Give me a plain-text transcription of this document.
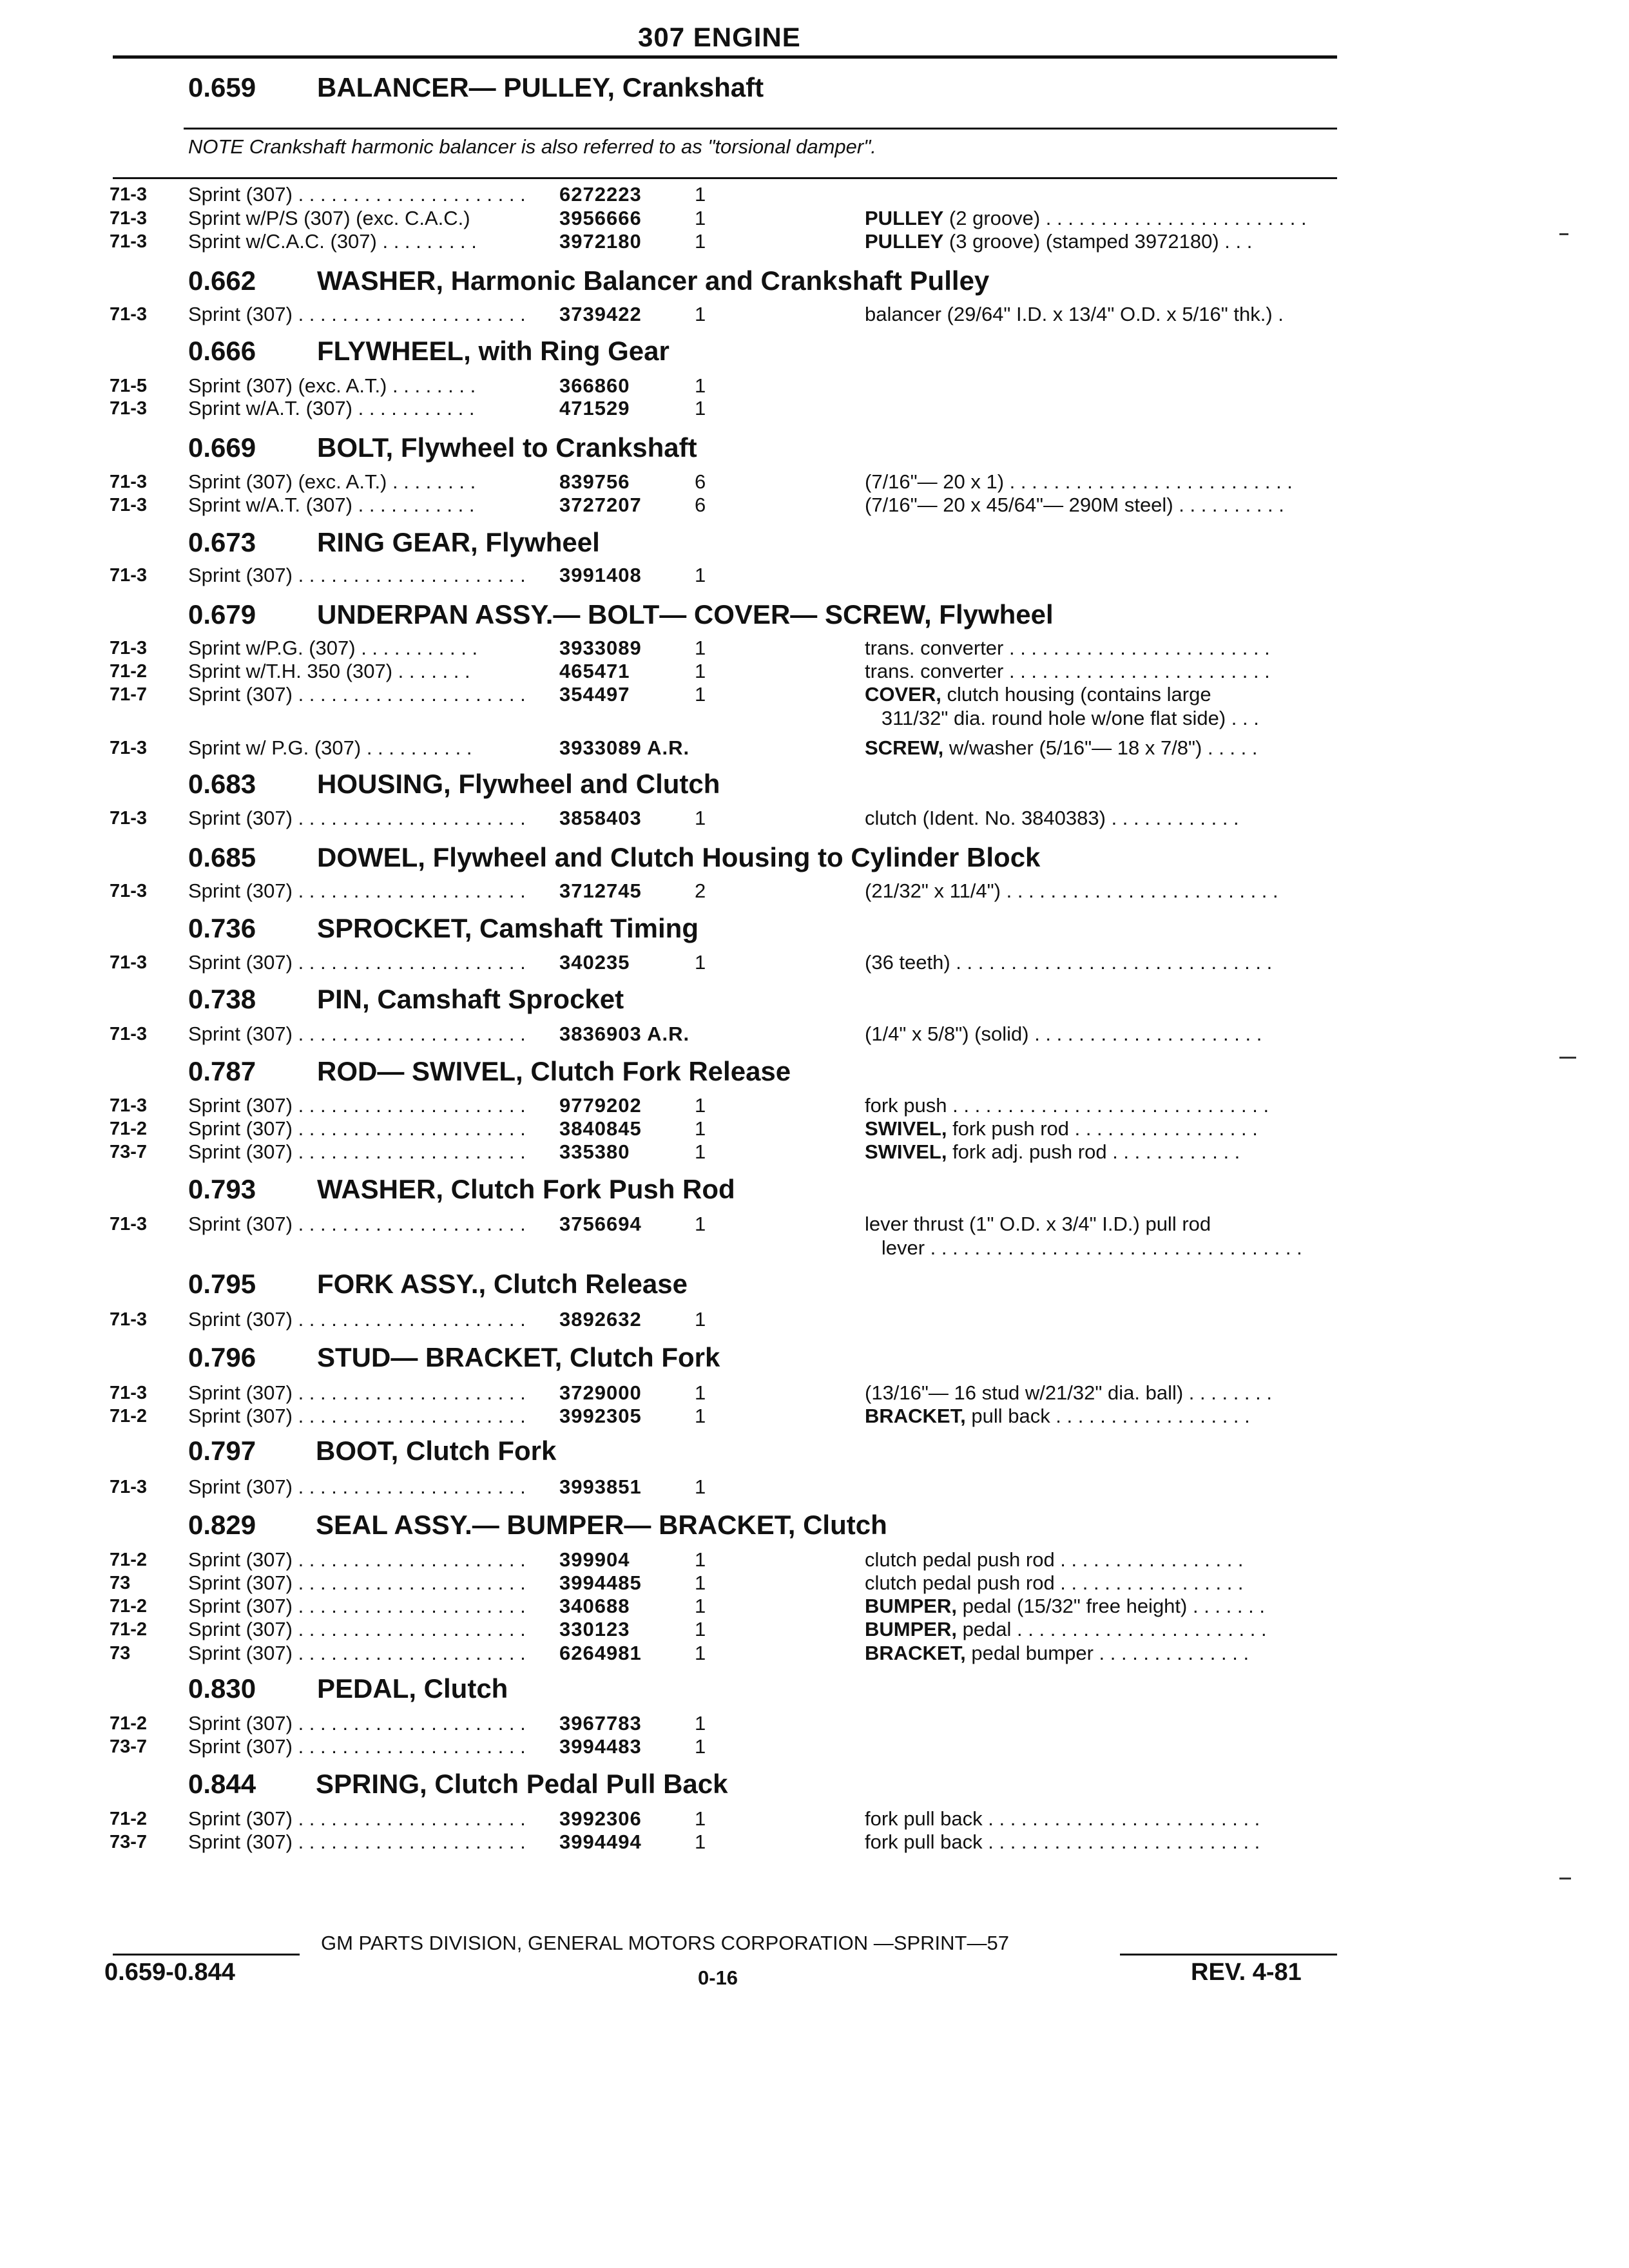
307 ENGINE
0.659 BALANCER— PULLEY, Crankshaft
NOTE Crankshaft harmonic balancer is also referred to as "torsional damper".
71-3 Sprint (307) . . . . . . . . . . . . . . . . . . . . .	6272223	1
71-3 Sprint w/P/S (307) (exc. C.A.C.)	3956666	1	PULLEY (2 groove) . . . . . . . . . . . . . . . . . . . . . . . .
71-3 Sprint w/C.A.C. (307) . . . . . . . . .	3972180	1	PULLEY (3 groove) (stamped 3972180) . . .
0.662 WASHER, Harmonic Balancer and Crankshaft Pulley
71-3 Sprint (307) . . . . . . . . . . . . . . . . . . . . .	3739422	1	balancer (29/64" I.D. x 13/4" O.D. x 5/16" thk.) .
0.666 FLYWHEEL, with Ring Gear
71-5 Sprint (307) (exc. A.T.) . . . . . . . .	366860	1
71-3 Sprint w/A.T. (307) . . . . . . . . . . .	471529	1
0.669 BOLT, Flywheel to Crankshaft
71-3 Sprint (307) (exc. A.T.) . . . . . . . .	839756	6	(7/16"— 20 x 1) . . . . . . . . . . . . . . . . . . . . . . . . . .
71-3 Sprint w/A.T. (307) . . . . . . . . . . .	3727207	6	(7/16"— 20 x 45/64"— 290M steel) . . . . . . . . . .
0.673 RING GEAR, Flywheel
71-3 Sprint (307) . . . . . . . . . . . . . . . . . . . . .	3991408	1
0.679 UNDERPAN ASSY.— BOLT— COVER— SCREW, Flywheel
71-3 Sprint w/P.G. (307) . . . . . . . . . . .	3933089	1	trans. converter . . . . . . . . . . . . . . . . . . . . . . . .
71-2 Sprint w/T.H. 350 (307) . . . . . . .	465471	1	trans. converter . . . . . . . . . . . . . . . . . . . . . . . .
71-7 Sprint (307) . . . . . . . . . . . . . . . . . . . . .	354497	1	COVER, clutch housing (contains large
311/32" dia. round hole w/one flat side) . . .
71-3 Sprint w/ P.G. (307) . . . . . . . . . .	3933089 A.R.	SCREW, w/washer (5/16"— 18 x 7/8") . . . . .
0.683 HOUSING, Flywheel and Clutch
71-3 Sprint (307) . . . . . . . . . . . . . . . . . . . . .	3858403	1	clutch (Ident. No. 3840383) . . . . . . . . . . . .
0.685 DOWEL, Flywheel and Clutch Housing to Cylinder Block
71-3 Sprint (307) . . . . . . . . . . . . . . . . . . . . .	3712745	2	(21/32" x 11/4") . . . . . . . . . . . . . . . . . . . . . . . . .
0.736 SPROCKET, Camshaft Timing
71-3 Sprint (307) . . . . . . . . . . . . . . . . . . . . .	340235	1	(36 teeth) . . . . . . . . . . . . . . . . . . . . . . . . . . . . .
0.738 PIN, Camshaft Sprocket
71-3 Sprint (307) . . . . . . . . . . . . . . . . . . . . .	3836903 A.R.	(1/4" x 5/8") (solid) . . . . . . . . . . . . . . . . . . . . .
0.787 ROD— SWIVEL, Clutch Fork Release
71-3 Sprint (307) . . . . . . . . . . . . . . . . . . . . .	9779202	1	fork push . . . . . . . . . . . . . . . . . . . . . . . . . . . . .
71-2 Sprint (307) . . . . . . . . . . . . . . . . . . . . .	3840845	1	SWIVEL, fork push rod . . . . . . . . . . . . . . . . .
73-7 Sprint (307) . . . . . . . . . . . . . . . . . . . . .	335380	1	SWIVEL, fork adj. push rod . . . . . . . . . . . .
0.793 WASHER, Clutch Fork Push Rod
71-3 Sprint (307) . . . . . . . . . . . . . . . . . . . . .	3756694	1	lever thrust (1" O.D. x 3/4" I.D.) pull rod
lever . . . . . . . . . . . . . . . . . . . . . . . . . . . . . . . . . .
0.795 FORK ASSY., Clutch Release
71-3 Sprint (307) . . . . . . . . . . . . . . . . . . . . .	3892632	1
0.796 STUD— BRACKET, Clutch Fork
71-3 Sprint (307) . . . . . . . . . . . . . . . . . . . . .	3729000	1	(13/16"— 16 stud w/21/32" dia. ball) . . . . . . . .
71-2 Sprint (307) . . . . . . . . . . . . . . . . . . . . .	3992305	1	BRACKET, pull back . . . . . . . . . . . . . . . . . .
0.797 BOOT, Clutch Fork
71-3 Sprint (307) . . . . . . . . . . . . . . . . . . . . .	3993851	1
0.829 SEAL ASSY.— BUMPER— BRACKET, Clutch
71-2 Sprint (307) . . . . . . . . . . . . . . . . . . . . .	399904	1	clutch pedal push rod . . . . . . . . . . . . . . . . .
73	Sprint (307) . . . . . . . . . . . . . . . . . . . . .	3994485	1	clutch pedal push rod . . . . . . . . . . . . . . . . .
71-2 Sprint (307) . . . . . . . . . . . . . . . . . . . . .	340688	1	BUMPER, pedal (15/32" free height) . . . . . . .
71-2 Sprint (307) . . . . . . . . . . . . . . . . . . . . .	330123	1	BUMPER, pedal . . . . . . . . . . . . . . . . . . . . . . .
73	Sprint (307) . . . . . . . . . . . . . . . . . . . . .	6264981	1	BRACKET, pedal bumper . . . . . . . . . . . . . .
0.830 PEDAL, Clutch
71-2 Sprint (307) . . . . . . . . . . . . . . . . . . . . .	3967783	1
73-7 Sprint (307) . . . . . . . . . . . . . . . . . . . . .	3994483	1
0.844 SPRING, Clutch Pedal Pull Back
71-2 Sprint (307) . . . . . . . . . . . . . . . . . . . . .	3992306	1	fork pull back . . . . . . . . . . . . . . . . . . . . . . . . .
73-7 Sprint (307) . . . . . . . . . . . . . . . . . . . . .	3994494	1	fork pull back . . . . . . . . . . . . . . . . . . . . . . . . .
GM PARTS DIVISION, GENERAL MOTORS CORPORATION —SPRINT—57
0.659-0.844	0-16	REV. 4-81
